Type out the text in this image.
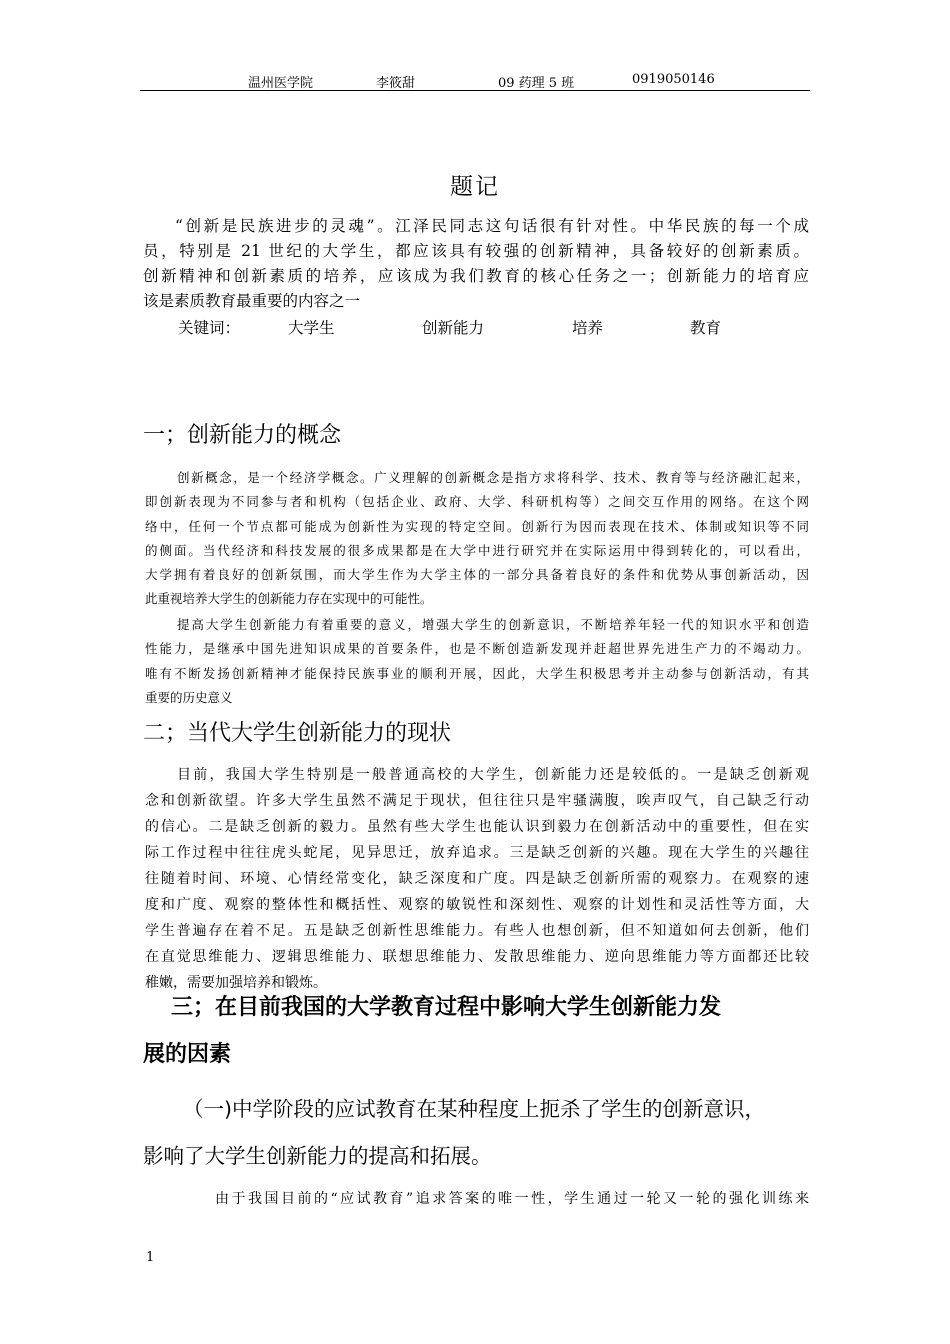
温州医学院	李筱甜	09 药理 5 班	0919050146
题记
“创新是民族进步的灵魂”。江泽民同志这句话很有针对性。中华民族的每一个成
员，特别是 21 世纪的大学生，都应该具有较强的创新精神，具备较好的创新素质。
创新精神和创新素质的培养，应该成为我们教育的核心任务之一；创新能力的培育应
该是素质教育最重要的内容之一
关键词：	大学生	创新能力	培养	教育
一；创新能力的概念
创新概念，是一个经济学概念。广义理解的创新概念是指方求将科学、技术、教育等与经济融汇起来，
即创新表现为不同参与者和机构（包括企业、政府、大学、科研机构等）之间交互作用的网络。在这个网
络中，任何一个节点都可能成为创新性为实现的特定空间。创新行为因而表现在技术、体制或知识等不同
的侧面。当代经济和科技发展的很多成果都是在大学中进行研究并在实际运用中得到转化的，可以看出，
大学拥有着良好的创新氛围，而大学生作为大学主体的一部分具备着良好的条件和优势从事创新活动，因
此重视培养大学生的创新能力存在实现中的可能性。
提高大学生创新能力有着重要的意义，增强大学生的创新意识，不断培养年轻一代的知识水平和创造
性能力，是继承中国先进知识成果的首要条件，也是不断创造新发现并赶超世界先进生产力的不竭动力。
唯有不断发扬创新精神才能保持民族事业的顺利开展，因此，大学生积极思考并主动参与创新活动，有其
重要的历史意义
二；当代大学生创新能力的现状
目前，我国大学生特别是一般普通高校的大学生，创新能力还是较低的。一是缺乏创新观
念和创新欲望。许多大学生虽然不满足于现状，但往往只是牢骚满腹，唉声叹气，自己缺乏行动
的信心。二是缺乏创新的毅力。虽然有些大学生也能认识到毅力在创新活动中的重要性，但在实
际工作过程中往往虎头蛇尾，见异思迁，放弃追求。三是缺乏创新的兴趣。现在大学生的兴趣往
往随着时间、环境、心情经常变化，缺乏深度和广度。四是缺乏创新所需的观察力。在观察的速
度和广度、观察的整体性和概括性、观察的敏锐性和深刻性、观察的计划性和灵活性等方面，大
学生普遍存在着不足。五是缺乏创新性思维能力。有些人也想创新，但不知道如何去创新，他们
在直觉思维能力、逻辑思维能力、联想思维能力、发散思维能力、逆向思维能力等方面都还比较
稚嫩，需要加强培养和锻炼。
三；在目前我国的大学教育过程中影响大学生创新能力发
展的因素
（一)中学阶段的应试教育在某种程度上扼杀了学生的创新意识，
影响了大学生创新能力的提高和拓展。
由于我国目前的“应试教育”追求答案的唯一性，学生通过一轮又一轮的强化训练来
1
